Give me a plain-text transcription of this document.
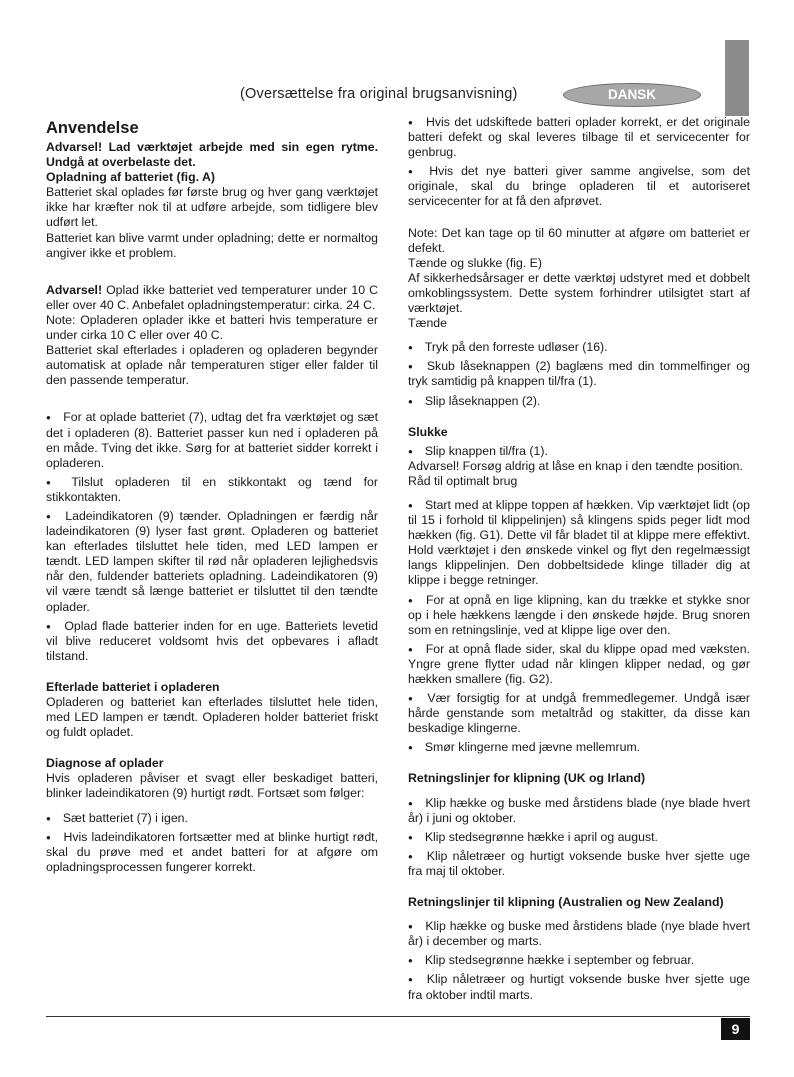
(Oversættelse fra original brugsanvisning)	DANSK
Anvendelse

Advarsel! Lad værktøjet arbejde med sin egen rytme. Undgå at overbelaste det.

Opladning af batteriet (fig. A)

Batteriet skal oplades før første brug og hver gang værktøjet ikke har kræfter nok til at udføre arbejde, som tidligere blev udført let.

Batteriet kan blive varmt under opladning; dette er normaltog angiver ikke et problem.

Advarsel! Oplad ikke batteriet ved temperaturer under 10 C eller over 40 C. Anbefalet opladningstemperatur: cirka. 24 C.

Note: Opladeren oplader ikke et batteri hvis temperature er under cirka 10 C eller over 40 C.

Batteriet skal efterlades i opladeren og opladeren begynder automatisk at oplade når temperaturen stiger eller falder til den passende temperatur.

● For at oplade batteriet (7), udtag det fra værktøjet og sæt det i opladeren (8). Batteriet passer kun ned i opladeren på en måde. Tving det ikke. Sørg for at batteriet sidder korrekt i opladeren.

● Tilslut opladeren til en stikkontakt og tænd for stikkontakten.

● Ladeindikatoren (9) tænder. Opladningen er færdig når ladeindikatoren (9) lyser fast grønt. Opladeren og batteriet kan efterlades tilsluttet hele tiden, med LED lampen er tændt. LED lampen skifter til rød når opladeren lejlighedsvis når den, fuldender batteriets opladning. Ladeindikatoren (9) vil være tændt så længe batteriet er tilsluttet til den tændte oplader.

● Oplad flade batterier inden for en uge. Batteriets levetid vil blive reduceret voldsomt hvis det opbevares i afladt tilstand.

Efterlade batteriet i opladeren

Opladeren og batteriet kan efterlades tilsluttet hele tiden, med LED lampen er tændt. Opladeren holder batteriet friskt og fuldt opladet.

Diagnose af oplader

Hvis opladeren påviser et svagt eller beskadiget batteri, blinker ladeindikatoren (9) hurtigt rødt. Fortsæt som følger:

● Sæt batteriet (7) i igen.

● Hvis ladeindikatoren fortsætter med at blinke hurtigt rødt, skal du prøve med et andet batteri for at afgøre om opladningsprocessen fungerer korrekt.

● Hvis det udskiftede batteri oplader korrekt, er det originale batteri defekt og skal leveres tilbage til et servicecenter for genbrug.

● Hvis det nye batteri giver samme angivelse, som det originale, skal du bringe opladeren til et autoriseret servicecenter for at få den afprøvet.

Note: Det kan tage op til 60 minutter at afgøre om batteriet er defekt.

Tænde og slukke (fig. E)

Af sikkerhedsårsager er dette værktøj udstyret med et dobbelt omkoblingssystem. Dette system forhindrer utilsigtet start af værktøjet.

Tænde

● Tryk på den forreste udløser (16).

● Skub låseknappen (2) baglæns med din tommelfinger og tryk samtidig på knappen til/fra (1).

● Slip låseknappen (2).

Slukke

● Slip knappen til/fra (1).

Advarsel! Forsøg aldrig at låse en knap i den tændte position.

Råd til optimalt brug

● Start med at klippe toppen af hækken. Vip værktøjet lidt (op til 15 i forhold til klippelinjen) så klingens spids peger lidt mod hækken (fig. G1). Dette vil får bladet til at klippe mere effektivt. Hold værktøjet i den ønskede vinkel og flyt den regelmæssigt langs klippelinjen. Den dobbeltsidede klinge tillader dig at klippe i begge retninger.

● For at opnå en lige klipning, kan du trække et stykke snor op i hele hækkens længde i den ønskede højde. Brug snoren som en retningslinje, ved at klippe lige over den.

● For at opnå flade sider, skal du klippe opad med væksten. Yngre grene flytter udad når klingen klipper nedad, og gør hækken smallere (fig. G2).

● Vær forsigtig for at undgå fremmedlegemer. Undgå især hårde genstande som metaltråd og stakitter, da disse kan beskadige klingerne.

● Smør klingerne med jævne mellemrum.

Retningslinjer for klipning (UK og Irland)

● Klip hække og buske med årstidens blade (nye blade hvert år) i juni og oktober.

● Klip stedsegrønne hække i april og august.

● Klip nåletræer og hurtigt voksende buske hver sjette uge fra maj til oktober.

Retningslinjer til klipning (Australien og New Zealand)

● Klip hække og buske med årstidens blade (nye blade hvert år) i december og marts.

● Klip stedsegrønne hække i september og februar.

● Klip nåletræer og hurtigt voksende buske hver sjette uge fra oktober indtil marts.

9
